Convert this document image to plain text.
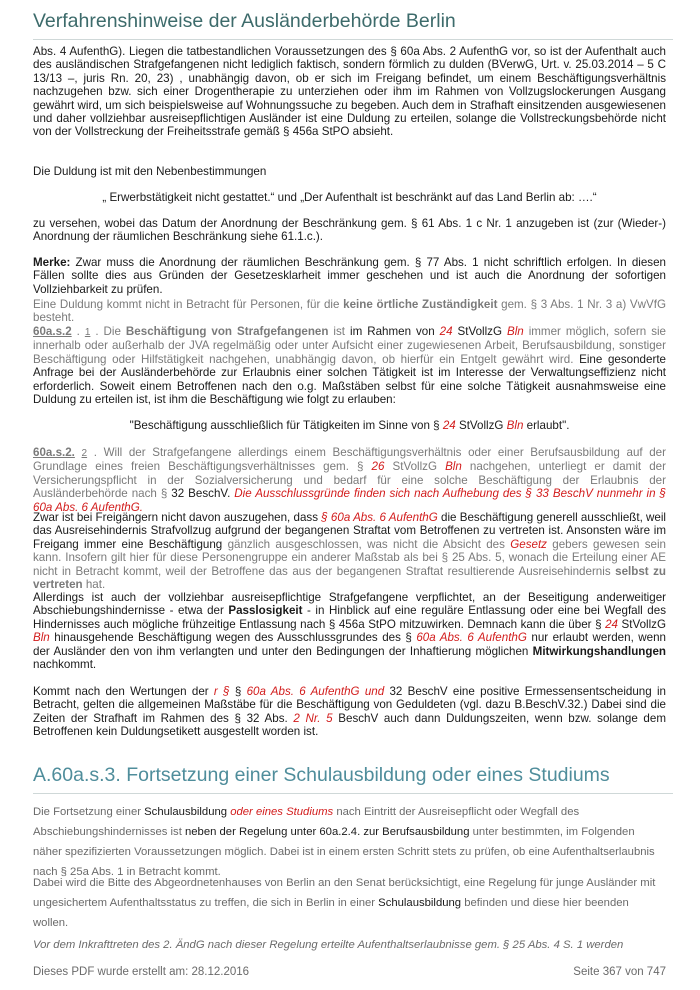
Verfahrenshinweise der Ausländerbehörde Berlin
Abs. 4 AufenthG). Liegen die tatbestandlichen Voraussetzungen des § 60a Abs. 2 AufenthG vor, so ist der Aufenthalt auch des ausländischen Strafgefangenen nicht lediglich faktisch, sondern förmlich zu dulden (BVerwG, Urt. v. 25.03.2014 – 5 C 13/13 –, juris Rn. 20, 23) , unabhängig davon, ob er sich im Freigang befindet, um einem Beschäftigungsverhältnis nachzugehen bzw. sich einer Drogentherapie zu unterziehen oder ihm im Rahmen von Vollzugslockerungen Ausgang gewährt wird, um sich beispielsweise auf Wohnungssuche zu begeben. Auch dem in Strafhaft einsitzenden ausgewiesenen und daher vollziehbar ausreisepflichtigen Ausländer ist eine Duldung zu erteilen, solange die Vollstreckungsbehörde nicht von der Vollstreckung der Freiheitsstrafe gemäß § 456a StPO absieht.
Die Duldung ist mit den Nebenbestimmungen
„ Erwerbstätigkeit nicht gestattet.“ und „Der Aufenthalt ist beschränkt auf das Land Berlin ab: ….“
zu versehen, wobei das Datum der Anordnung der Beschränkung gem. § 61 Abs. 1 c Nr. 1 anzugeben ist (zur (Wieder-) Anordnung der räumlichen Beschränkung siehe 61.1.c.).
Merke: Zwar muss die Anordnung der räumlichen Beschränkung gem. § 77 Abs. 1 nicht schriftlich erfolgen. In diesen Fällen sollte dies aus Gründen der Gesetzesklarheit immer geschehen und ist auch die Anordnung der sofortigen Vollziehbarkeit zu prüfen.
Eine Duldung kommt nicht in Betracht für Personen, für die keine örtliche Zuständigkeit gem. § 3 Abs. 1 Nr. 3 a) VwVfG besteht.
60a.s.2 . 1 . Die Beschäftigung von Strafgefangenen ist im Rahmen von 24 StVollzG Bln immer möglich, sofern sie innerhalb oder außerhalb der JVA regelmäßig oder unter Aufsicht einer zugewiesenen Arbeit, Berufsausbildung, sonstiger Beschäftigung oder Hilfstätigkeit nachgehen, unabhängig davon, ob hierfür ein Entgelt gewährt wird. Eine gesonderte Anfrage bei der Ausländerbehörde zur Erlaubnis einer solchen Tätigkeit ist im Interesse der Verwaltungseffizienz nicht erforderlich. Soweit einem Betroffenen nach den o.g. Maßstäben selbst für eine solche Tätigkeit ausnahmsweise eine Duldung zu erteilen ist, ist ihm die Beschäftigung wie folgt zu erlauben:
"Beschäftigung ausschließlich für Tätigkeiten im Sinne von § 24 StVollzG Bln erlaubt".
60a.s.2. 2 . Will der Strafgefangene allerdings einem Beschäftigungsverhältnis oder einer Berufsausbildung auf der Grundlage eines freien Beschäftigungsverhältnisses gem. § 26 StVollzG Bln nachgehen, unterliegt er damit der Versicherungspflicht in der Sozialversicherung und bedarf für eine solche Beschäftigung der Erlaubnis der Ausländerbehörde nach § 32 BeschV. Die Ausschlussgründe finden sich nach Aufhebung des § 33 BeschV nunmehr in § 60a Abs. 6 AufenthG.
Zwar ist bei Freigängern nicht davon auszugehen, dass § 60a Abs. 6 AufenthG die Beschäftigung generell ausschließt, weil das Ausreisehindernis Strafvollzug aufgrund der begangenen Straftat vom Betroffenen zu vertreten ist. Ansonsten wäre im Freigang immer eine Beschäftigung gänzlich ausgeschlossen, was nicht die Absicht des Gesetz gebers gewesen sein kann. Insofern gilt hier für diese Personengruppe ein anderer Maßstab als bei § 25 Abs. 5, wonach die Erteilung einer AE nicht in Betracht kommt, weil der Betroffene das aus der begangenen Straftat resultierende Ausreisehindernis selbst zu vertreten hat.
Allerdings ist auch der vollziehbar ausreisepflichtige Strafgefangene verpflichtet, an der Beseitigung anderweitiger Abschiebungshindernisse - etwa der Passlosigkeit - in Hinblick auf eine reguläre Entlassung oder eine bei Wegfall des Hindernisses auch mögliche frühzeitige Entlassung nach § 456a StPO mitzuwirken. Demnach kann die über § 24 StVollzG Bln hinausgehende Beschäftigung wegen des Ausschlussgrundes des § 60a Abs. 6 AufenthG nur erlaubt werden, wenn der Ausländer den von ihm verlangten und unter den Bedingungen der Inhaftierung möglichen Mitwirkungshandlungen nachkommt.
Kommt nach den Wertungen der r § § 60a Abs. 6 AufenthG und 32 BeschV eine positive Ermessensentscheidung in Betracht, gelten die allgemeinen Maßstäbe für die Beschäftigung von Geduldeten (vgl. dazu B.BeschV.32.) Dabei sind die Zeiten der Strafhaft im Rahmen des § 32 Abs. 2 Nr. 5 BeschV auch dann Duldungszeiten, wenn bzw. solange dem Betroffenen kein Duldungsetikett ausgestellt worden ist.
A.60a.s.3. Fortsetzung einer Schulausbildung oder eines Studiums
Die Fortsetzung einer Schulausbildung oder eines Studiums nach Eintritt der Ausreisepflicht oder Wegfall des Abschiebungshindernisses ist neben der Regelung unter 60a.2.4. zur Berufsausbildung unter bestimmten, im Folgenden näher spezifizierten Voraussetzungen möglich. Dabei ist in einem ersten Schritt stets zu prüfen, ob eine Aufenthaltserlaubnis nach § 25a Abs. 1 in Betracht kommt.
Dabei wird die Bitte des Abgeordnetenhauses von Berlin an den Senat berücksichtigt, eine Regelung für junge Ausländer mit ungesichertem Aufenthaltsstatus zu treffen, die sich in Berlin in einer Schulausbildung befinden und diese hier beenden wollen.
Vor dem Inkrafttreten des 2. ÄndG nach dieser Regelung erteilte Aufenthaltserlaubnisse gem. § 25 Abs. 4 S. 1 werden
Dieses PDF wurde erstellt am: 28.12.2016	Seite 367 von 747
